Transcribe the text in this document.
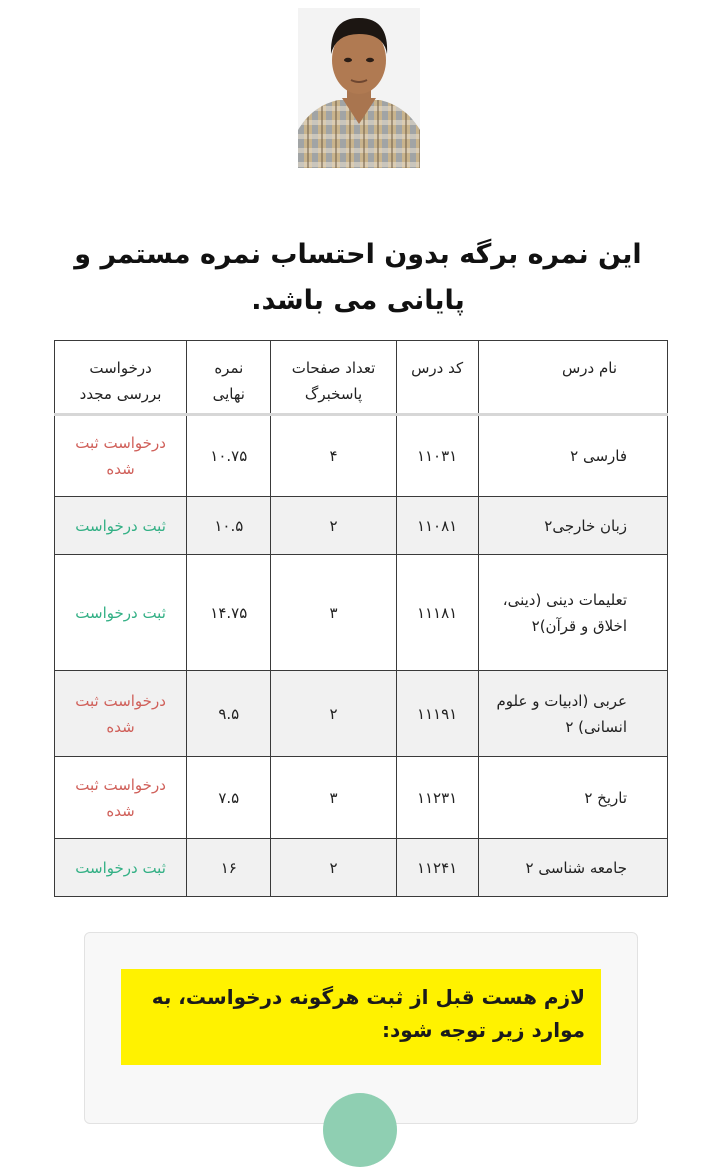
این نمره برگه بدون احتساب نمره مستمر و پایانی می باشد.
نام درس	کد درس	تعداد صفحات پاسخبرگ	نمره نهایی	درخواست بررسی مجدد
فارسی ۲	۱۱۰۳۱	۴	۱۰.۷۵	درخواست ثبت شده
زبان خارجی۲	۱۱۰۸۱	۲	۱۰.۵	ثبت درخواست
تعلیمات دینی (دینی، اخلاق و قرآن)۲	۱۱۱۸۱	۳	۱۴.۷۵	ثبت درخواست
عربی (ادبیات و علوم انسانی) ۲	۱۱۱۹۱	۲	۹.۵	درخواست ثبت شده
تاریخ ۲	۱۱۲۳۱	۳	۷.۵	درخواست ثبت شده
جامعه شناسی ۲	۱۱۲۴۱	۲	۱۶	ثبت درخواست
لازم هست قبل از ثبت هرگونه درخواست، به موارد زیر توجه شود:
